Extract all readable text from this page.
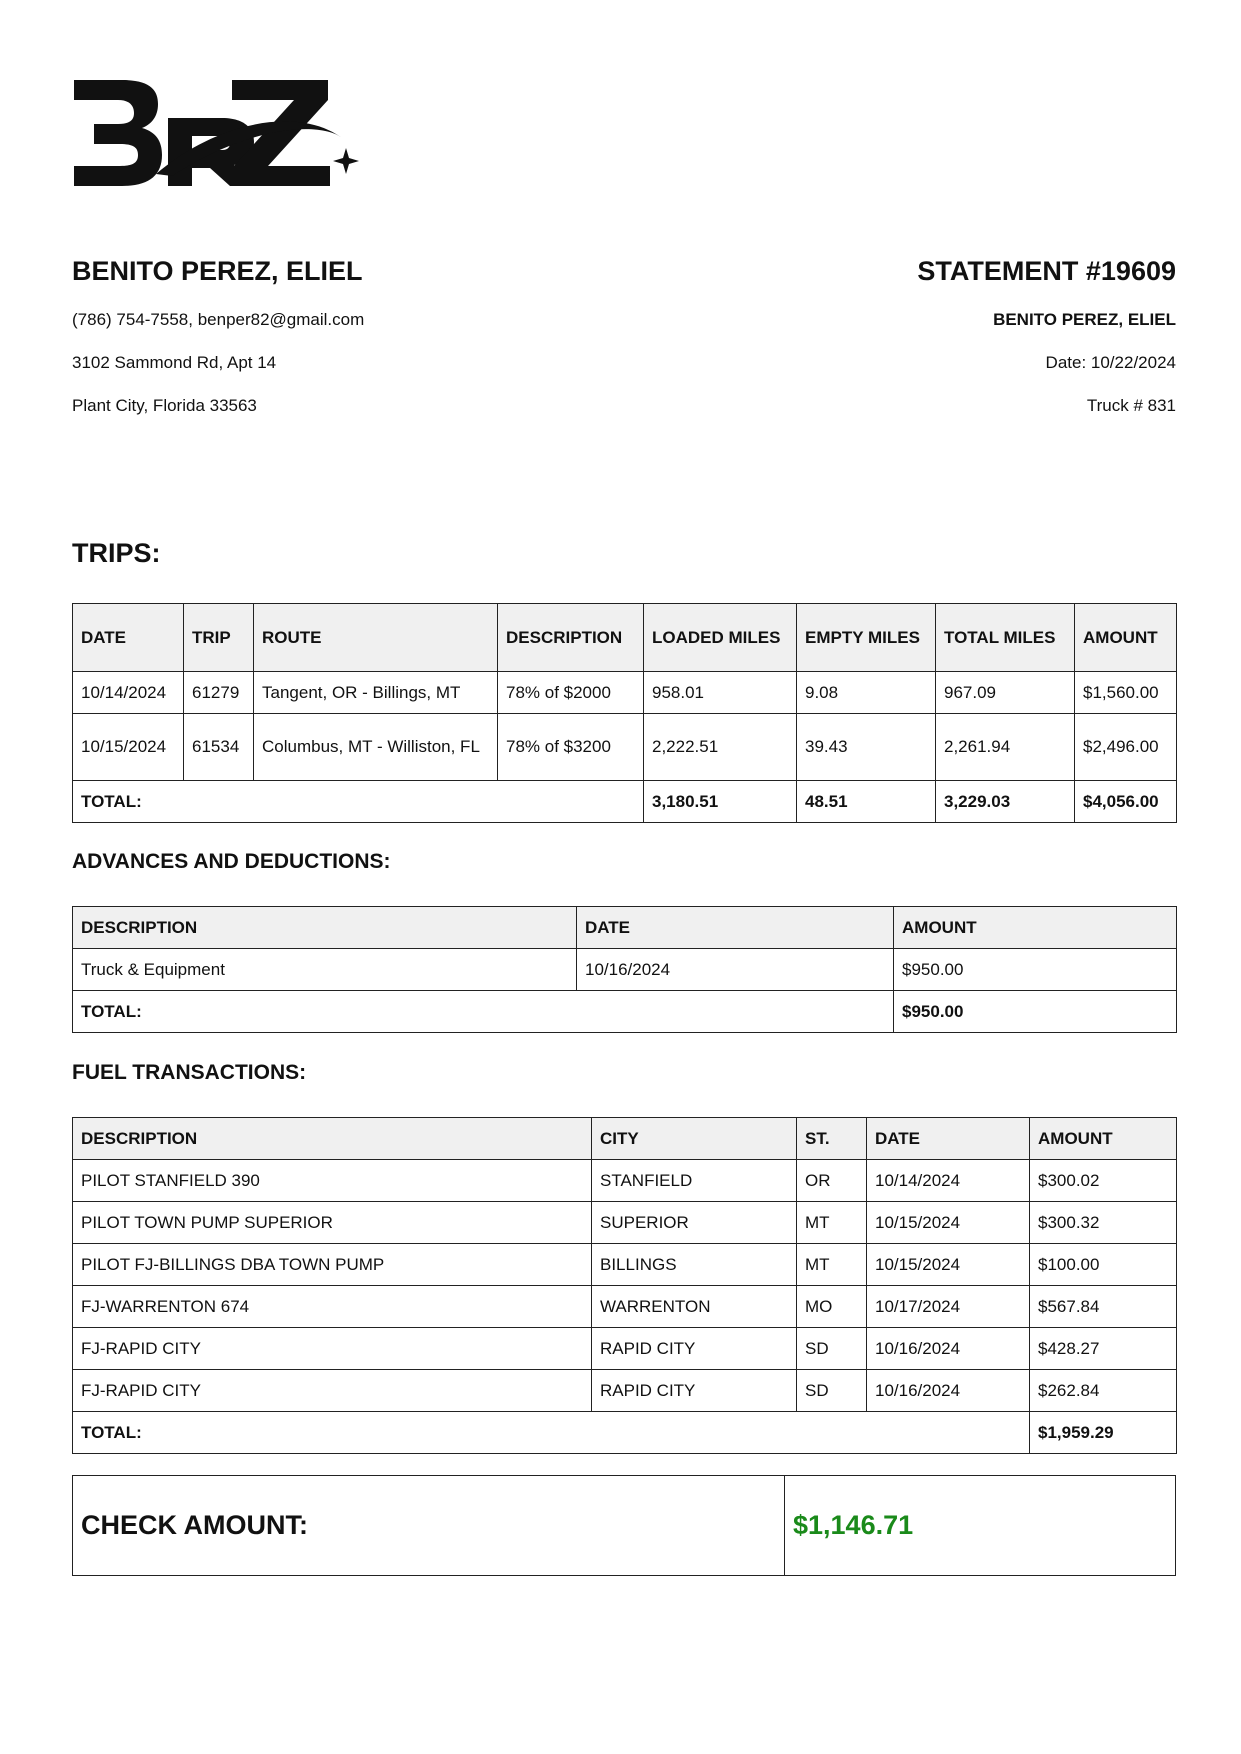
BENITO PEREZ, ELIEL
(786) 754-7558, benper82@gmail.com
3102 Sammond Rd, Apt 14
Plant City, Florida 33563
STATEMENT #19609
BENITO PEREZ, ELIEL
Date: 10/22/2024
Truck # 831
TRIPS:
DATE	TRIP	ROUTE	DESCRIPTION	LOADED MILES	EMPTY MILES	TOTAL MILES	AMOUNT
10/14/2024	61279	Tangent, OR - Billings, MT	78% of $2000	958.01	9.08	967.09	$1,560.00
10/15/2024	61534	Columbus, MT - Williston, FL	78% of $3200	2,222.51	39.43	2,261.94	$2,496.00
TOTAL:				3,180.51	48.51	3,229.03	$4,056.00
ADVANCES AND DEDUCTIONS:
DESCRIPTION	DATE	AMOUNT
Truck & Equipment	10/16/2024	$950.00
TOTAL:		$950.00
FUEL TRANSACTIONS:
DESCRIPTION	CITY	ST.	DATE	AMOUNT
PILOT STANFIELD 390	STANFIELD	OR	10/14/2024	$300.02
PILOT TOWN PUMP SUPERIOR	SUPERIOR	MT	10/15/2024	$300.32
PILOT FJ-BILLINGS DBA TOWN PUMP	BILLINGS	MT	10/15/2024	$100.00
FJ-WARRENTON 674	WARRENTON	MO	10/17/2024	$567.84
FJ-RAPID CITY	RAPID CITY	SD	10/16/2024	$428.27
FJ-RAPID CITY	RAPID CITY	SD	10/16/2024	$262.84
TOTAL:				$1,959.29
CHECK AMOUNT:	$1,146.71
